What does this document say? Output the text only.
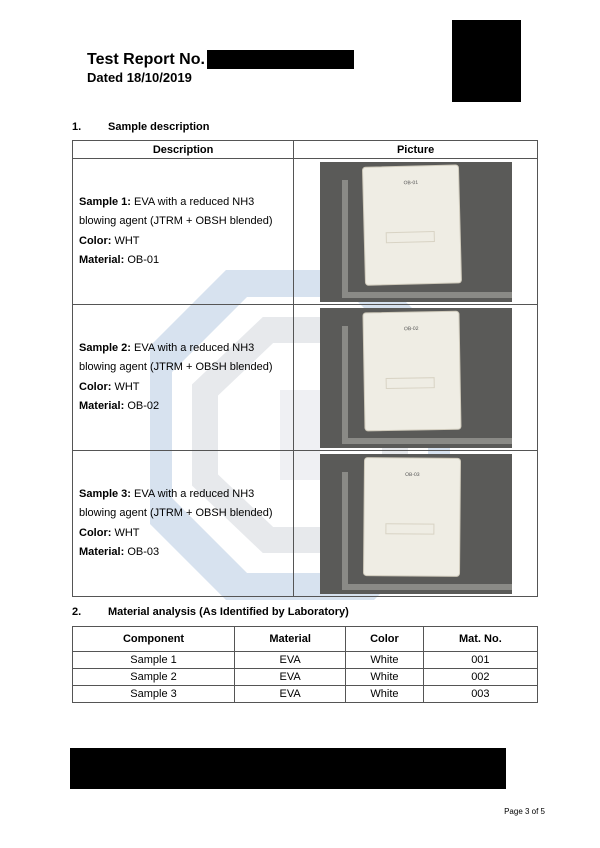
Test Report No.
Dated 18/10/2019
1. Sample description
Description	Picture
Sample 1: EVA with a reduced NH3 blowing agent (JTRM + OBSH blended)
Color: WHT
Material: OB-01	OB-01

Sample 2: EVA with a reduced NH3 blowing agent (JTRM + OBSH blended)
Color: WHT
Material: OB-02	OB-02

Sample 3: EVA with a reduced NH3 blowing agent (JTRM + OBSH blended)
Color: WHT
Material: OB-03	OB-03
2. Material analysis (As Identified by Laboratory)
Component	Material	Color	Mat. No.
Sample 1	EVA	White	001
Sample 2	EVA	White	002
Sample 3	EVA	White	003
Page 3 of 5
